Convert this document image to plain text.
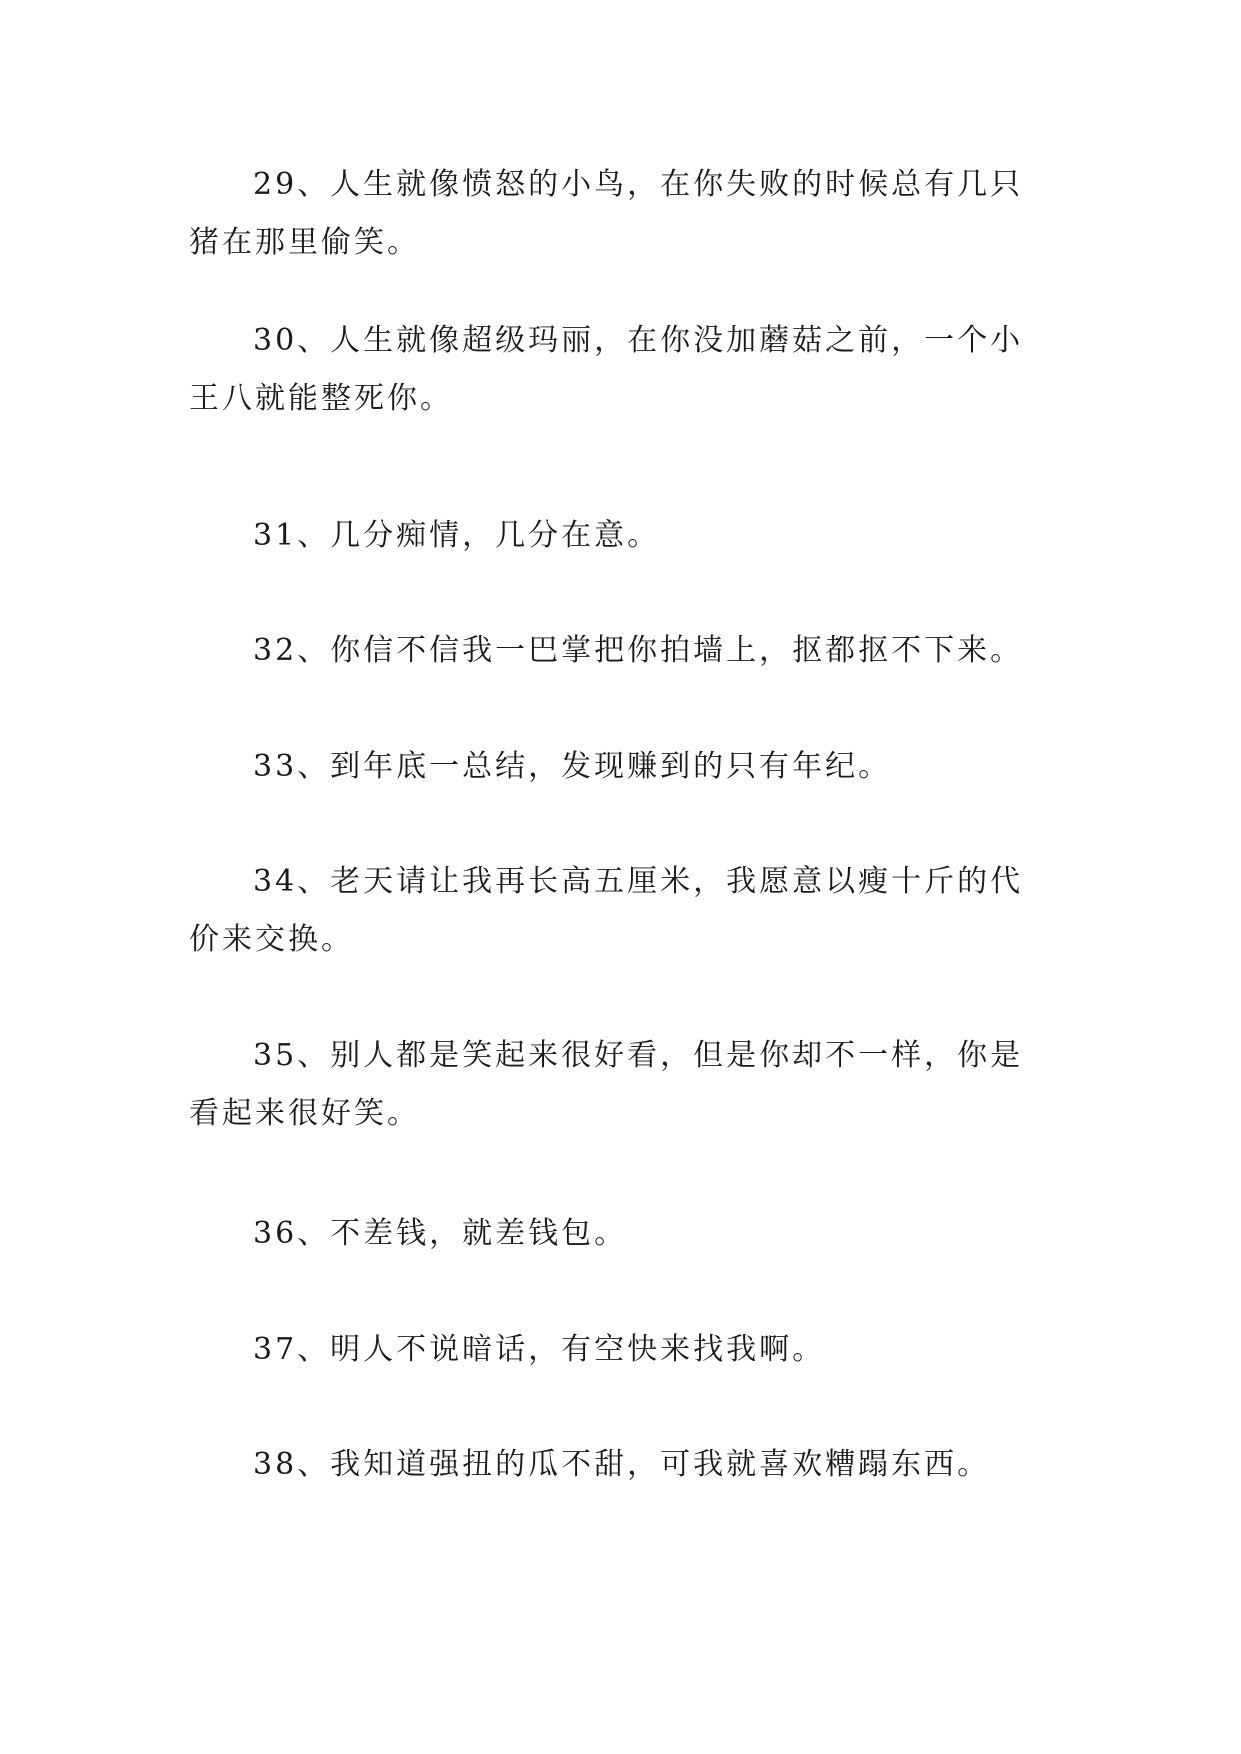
29、人生就像愤怒的小鸟，在你失败的时候总有几只猪在那里偷笑。

30、人生就像超级玛丽，在你没加蘑菇之前，一个小王八就能整死你。

31、几分痴情，几分在意。

32、你信不信我一巴掌把你拍墙上，抠都抠不下来。

33、到年底一总结，发现赚到的只有年纪。

34、老天请让我再长高五厘米，我愿意以瘦十斤的代价来交换。

35、别人都是笑起来很好看，但是你却不一样，你是看起来很好笑。

36、不差钱，就差钱包。

37、明人不说暗话，有空快来找我啊。

38、我知道强扭的瓜不甜，可我就喜欢糟蹋东西。
